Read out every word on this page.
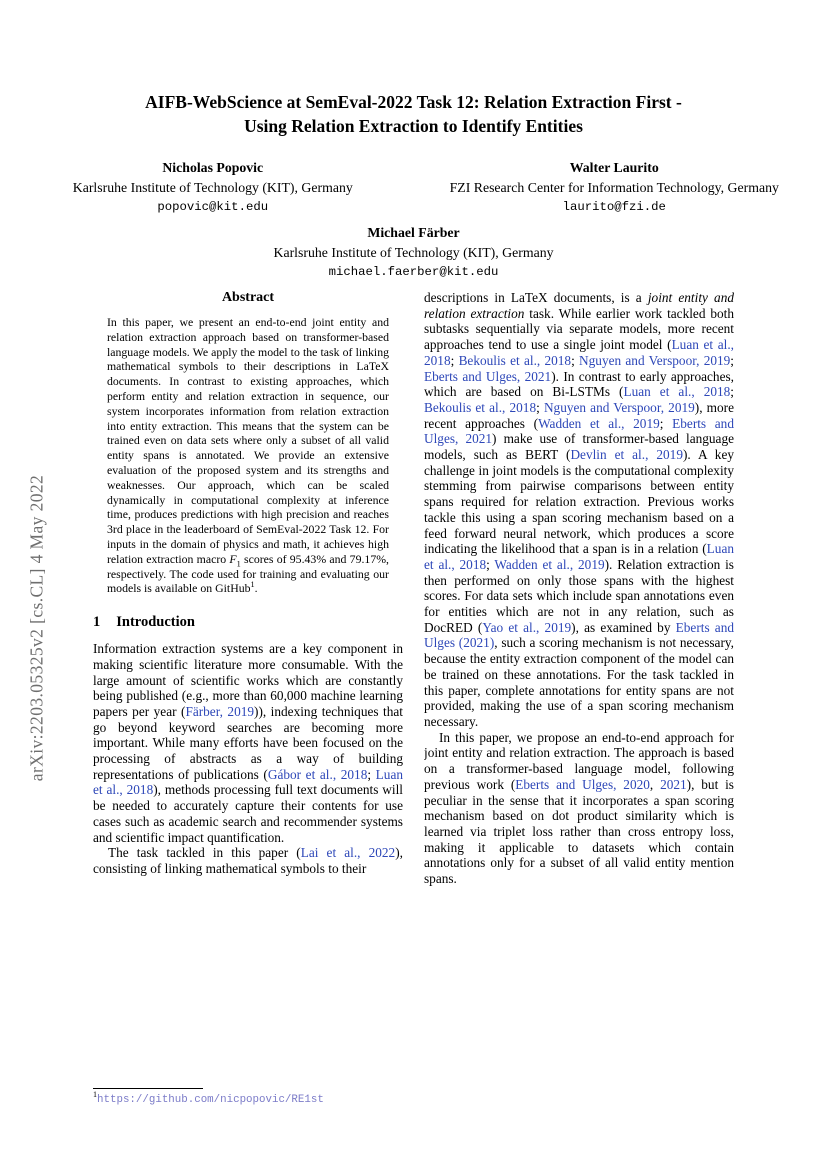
arXiv:2203.05325v2 [cs.CL] 4 May 2022
AIFB-WebScience at SemEval-2022 Task 12: Relation Extraction First -
Using Relation Extraction to Identify Entities
Nicholas Popovic
Karlsruhe Institute of Technology (KIT), Germany
popovic@kit.edu
Walter Laurito
FZI Research Center for Information Technology, Germany
laurito@fzi.de
Michael Färber
Karlsruhe Institute of Technology (KIT), Germany
michael.faerber@kit.edu
Abstract

In this paper, we present an end-to-end joint entity and relation extraction approach based on transformer-based language models. We apply the model to the task of linking mathematical symbols to their descriptions in LaTeX documents. In contrast to existing approaches, which perform entity and relation extraction in sequence, our system incorporates information from relation extraction into entity extraction. This means that the system can be trained even on data sets where only a subset of all valid entity spans is annotated. We provide an extensive evaluation of the proposed system and its strengths and weaknesses. Our approach, which can be scaled dynamically in computational complexity at inference time, produces predictions with high precision and reaches 3rd place in the leaderboard of SemEval-2022 Task 12. For inputs in the domain of physics and math, it achieves high relation extraction macro $F_1$ scores of 95.43% and 79.17%, respectively. The code used for training and evaluating our models is available on GitHub$^1$.

1 Introduction

Information extraction systems are a key component in making scientific literature more consumable. With the large amount of scientific works which are constantly being published (e.g., more than 60,000 machine learning papers per year (Färber, 2019)), indexing techniques that go beyond keyword searches are becoming more important. While many efforts have been focused on the processing of abstracts as a way of building representations of publications (Gábor et al., 2018; Luan et al., 2018), methods processing full text documents will be needed to accurately capture their contents for use cases such as academic search and recommender systems and scientific impact quantification.

The task tackled in this paper (Lai et al., 2022), consisting of linking mathematical symbols to their

$^1$https://github.com/nicpopovic/RE1st

descriptions in LaTeX documents, is a joint entity and relation extraction task. While earlier work tackled both subtasks sequentially via separate models, more recent approaches tend to use a single joint model (Luan et al., 2018; Bekoulis et al., 2018; Nguyen and Verspoor, 2019; Eberts and Ulges, 2021). In contrast to early approaches, which are based on Bi-LSTMs (Luan et al., 2018; Bekoulis et al., 2018; Nguyen and Verspoor, 2019), more recent approaches (Wadden et al., 2019; Eberts and Ulges, 2021) make use of transformer-based language models, such as BERT (Devlin et al., 2019). A key challenge in joint models is the computational complexity stemming from pairwise comparisons between entity spans required for relation extraction. Previous works tackle this using a span scoring mechanism based on a feed forward neural network, which produces a score indicating the likelihood that a span is in a relation (Luan et al., 2018; Wadden et al., 2019). Relation extraction is then performed on only those spans with the highest scores. For data sets which include span annotations even for entities which are not in any relation, such as DocRED (Yao et al., 2019), as examined by Eberts and Ulges (2021), such a scoring mechanism is not necessary, because the entity extraction component of the model can be trained on these annotations. For the task tackled in this paper, complete annotations for entity spans are not provided, making the use of a span scoring mechanism necessary.

In this paper, we propose an end-to-end approach for joint entity and relation extraction. The approach is based on a transformer-based language model, following previous work (Eberts and Ulges, 2020, 2021), but is peculiar in the sense that it incorporates a span scoring mechanism based on dot product similarity which is learned via triplet loss rather than cross entropy loss, making it applicable to datasets which contain annotations only for a subset of all valid entity mention spans.
